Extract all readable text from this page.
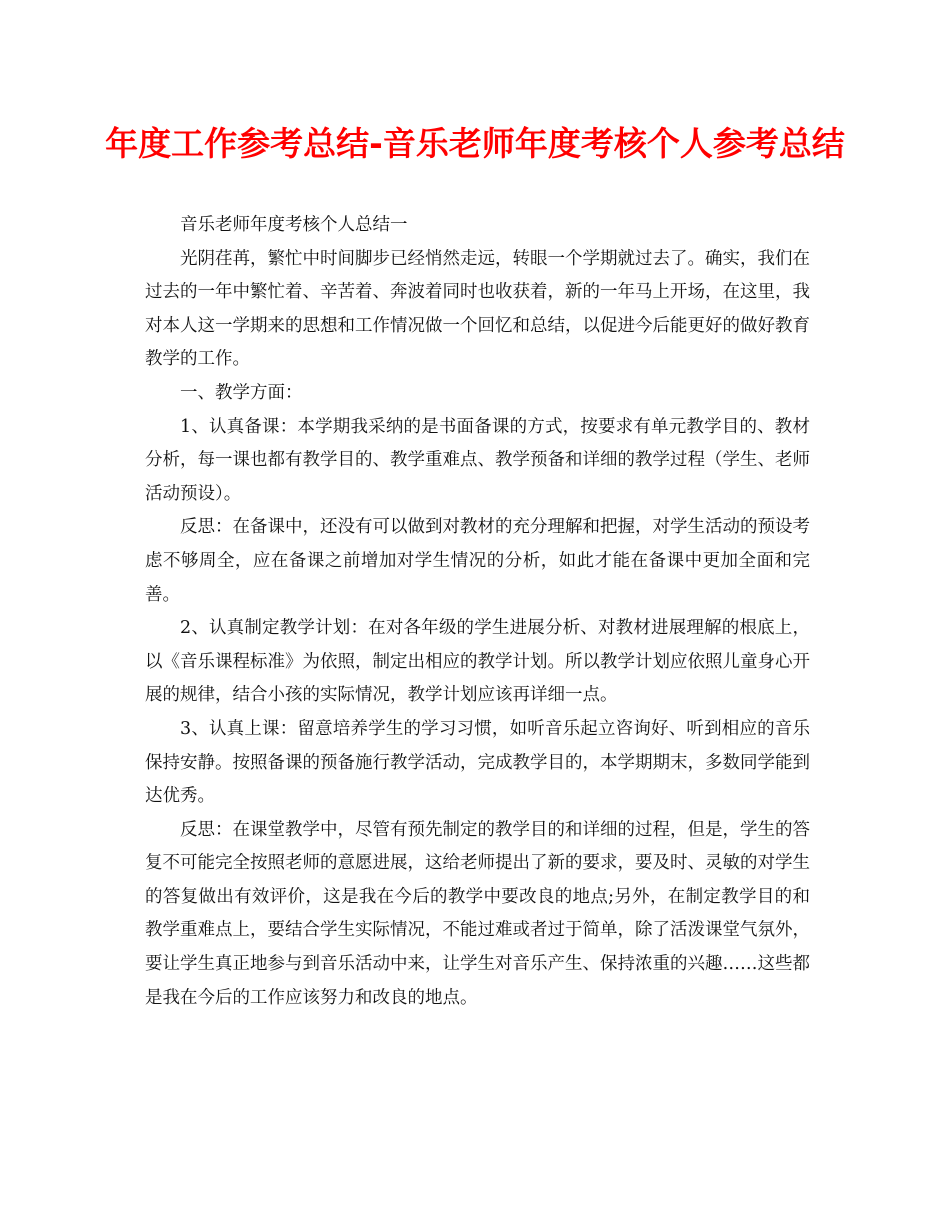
年度工作参考总结-音乐老师年度考核个人参考总结

音乐老师年度考核个人总结一

光阴荏苒，繁忙中时间脚步已经悄然走远，转眼一个学期就过去了。确实，我们在过去的一年中繁忙着、辛苦着、奔波着同时也收获着，新的一年马上开场，在这里，我对本人这一学期来的思想和工作情况做一个回忆和总结，以促进今后能更好的做好教育教学的工作。

一、教学方面：

1、认真备课：本学期我采纳的是书面备课的方式，按要求有单元教学目的、教材分析，每一课也都有教学目的、教学重难点、教学预备和详细的教学过程（学生、老师活动预设）。

反思：在备课中，还没有可以做到对教材的充分理解和把握，对学生活动的预设考虑不够周全，应在备课之前增加对学生情况的分析，如此才能在备课中更加全面和完善。

2、认真制定教学计划：在对各年级的学生进展分析、对教材进展理解的根底上，以《音乐课程标准》为依照，制定出相应的教学计划。所以教学计划应依照儿童身心开展的规律，结合小孩的实际情况，教学计划应该再详细一点。

3、认真上课：留意培养学生的学习习惯，如听音乐起立咨询好、听到相应的音乐保持安静。按照备课的预备施行教学活动，完成教学目的，本学期期末，多数同学能到达优秀。

反思：在课堂教学中，尽管有预先制定的教学目的和详细的过程，但是，学生的答复不可能完全按照老师的意愿进展，这给老师提出了新的要求，要及时、灵敏的对学生的答复做出有效评价，这是我在今后的教学中要改良的地点;另外，在制定教学目的和教学重难点上，要结合学生实际情况，不能过难或者过于简单，除了活泼课堂气氛外，要让学生真正地参与到音乐活动中来，让学生对音乐产生、保持浓重的兴趣……这些都是我在今后的工作应该努力和改良的地点。
